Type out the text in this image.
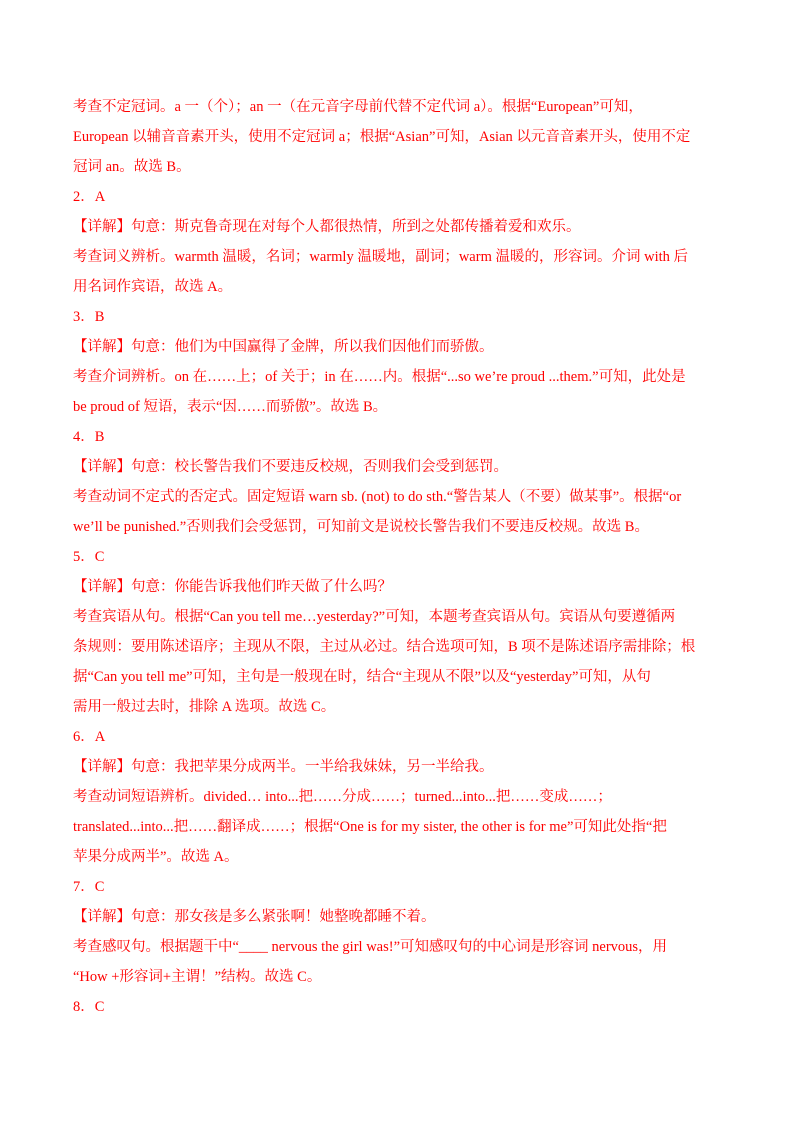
考查不定冠词。a 一（个）；an 一（在元音字母前代替不定代词 a）。根据“European”可知，
European 以辅音音素开头，使用不定冠词 a；根据“Asian”可知，Asian 以元音音素开头，使用不定
冠词 an。故选 B。
2．A
【详解】句意：斯克鲁奇现在对每个人都很热情，所到之处都传播着爱和欢乐。
考查词义辨析。warmth 温暖，名词；warmly 温暖地，副词；warm 温暖的，形容词。介词 with 后
用名词作宾语，故选 A。
3．B
【详解】句意：他们为中国赢得了金牌，所以我们因他们而骄傲。
考查介词辨析。on 在……上；of 关于；in 在……内。根据“...so we’re proud ...them.”可知，此处是
be proud of 短语，表示“因……而骄傲”。故选 B。
4．B
【详解】句意：校长警告我们不要违反校规，否则我们会受到惩罚。
考查动词不定式的否定式。固定短语 warn sb. (not) to do sth.“警告某人（不要）做某事”。根据“or
we’ll be punished.”否则我们会受惩罚，可知前文是说校长警告我们不要违反校规。故选 B。
5．C
【详解】句意：你能告诉我他们昨天做了什么吗？
考查宾语从句。根据“Can you tell me…yesterday?”可知，本题考查宾语从句。宾语从句要遵循两
条规则：要用陈述语序；主现从不限，主过从必过。结合选项可知，B 项不是陈述语序需排除；根
据“Can you tell me”可知，主句是一般现在时，结合“主现从不限”以及“yesterday”可知，从句
需用一般过去时，排除 A 选项。故选 C。
6．A
【详解】句意：我把苹果分成两半。一半给我妹妹，另一半给我。
考查动词短语辨析。divided… into...把……分成……；turned...into...把……变成……；
translated...into...把……翻译成……；根据“One is for my sister, the other is for me”可知此处指“把
苹果分成两半”。故选 A。
7．C
【详解】句意：那女孩是多么紧张啊！她整晚都睡不着。
考查感叹句。根据题干中“____ nervous the girl was!”可知感叹句的中心词是形容词 nervous，用
“How +形容词+主谓！”结构。故选 C。
8．C
